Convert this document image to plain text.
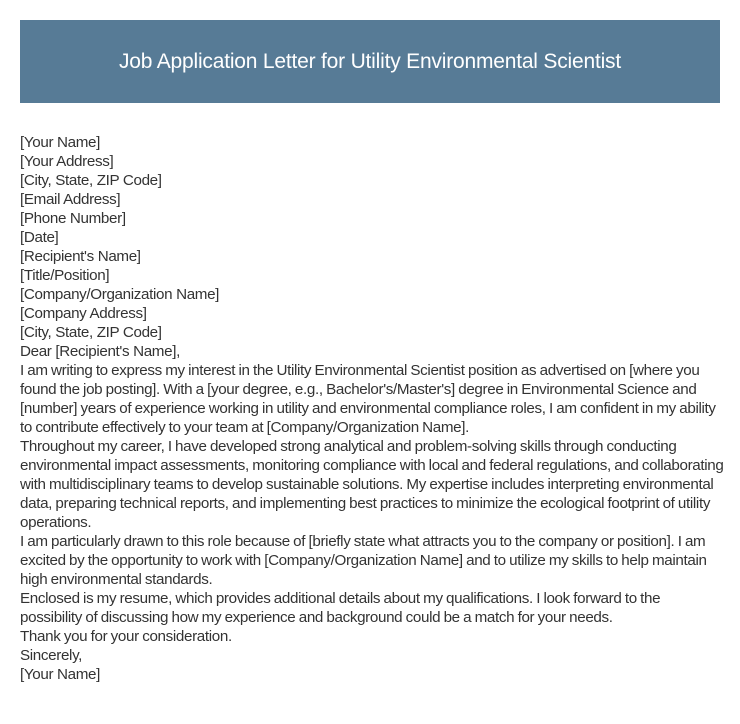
Job Application Letter for Utility Environmental Scientist

[Your Name]

[Your Address]

[City, State, ZIP Code]

[Email Address]

[Phone Number]

[Date]

[Recipient's Name]

[Title/Position]

[Company/Organization Name]

[Company Address]

[City, State, ZIP Code]

Dear [Recipient's Name],

I am writing to express my interest in the Utility Environmental Scientist position as advertised on [where you found the job posting]. With a [your degree, e.g., Bachelor's/Master's] degree in Environmental Science and [number] years of experience working in utility and environmental compliance roles, I am confident in my ability to contribute effectively to your team at [Company/Organization Name].

Throughout my career, I have developed strong analytical and problem-solving skills through conducting environmental impact assessments, monitoring compliance with local and federal regulations, and collaborating with multidisciplinary teams to develop sustainable solutions. My expertise includes interpreting environmental data, preparing technical reports, and implementing best practices to minimize the ecological footprint of utility operations.

I am particularly drawn to this role because of [briefly state what attracts you to the company or position]. I am excited by the opportunity to work with [Company/Organization Name] and to utilize my skills to help maintain high environmental standards.

Enclosed is my resume, which provides additional details about my qualifications. I look forward to the possibility of discussing how my experience and background could be a match for your needs.

Thank you for your consideration.

Sincerely,

[Your Name]
